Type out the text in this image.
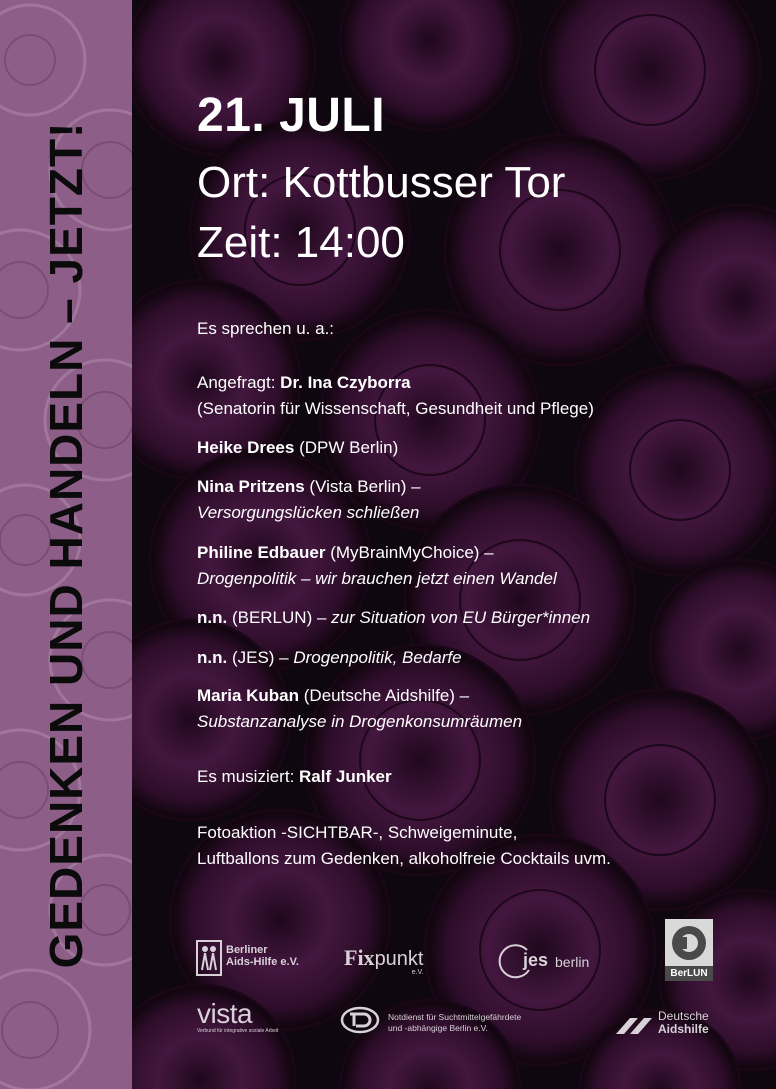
GEDENKEN UND HANDELN – JETZT!
21. JULI
Ort: Kottbusser Tor
Zeit: 14:00
Es sprechen u. a.:
Angefragt: Dr. Ina Czyborra
(Senatorin für Wissenschaft, Gesundheit und Pflege)
Heike Drees (DPW Berlin)
Nina Pritzens (Vista Berlin) –
Versorgungslücken schließen
Philine Edbauer (MyBrainMyChoice) –
Drogenpolitik – wir brauchen jetzt einen Wandel
n.n. (BERLUN) – zur Situation von EU Bürger*innen
n.n. (JES) – Drogenpolitik, Bedarfe
Maria Kuban (Deutsche Aidshilfe) –
Substanzanalyse in Drogenkonsumräumen
Es musiziert: Ralf Junker
Fotoaktion -SICHTBAR-, Schweigeminute,
Luftballons zum Gedenken, alkoholfreie Cocktails uvm.
Berliner
Aids-Hilfe e.V. Fixpunkt
e.V.
jes berlin
BerLUN
vista
Verbund für integrative soziale Arbeit
Notdienst für Suchtmittelgefährdete
und -abhängige Berlin e.V.
Deutsche
Aidshilfe
